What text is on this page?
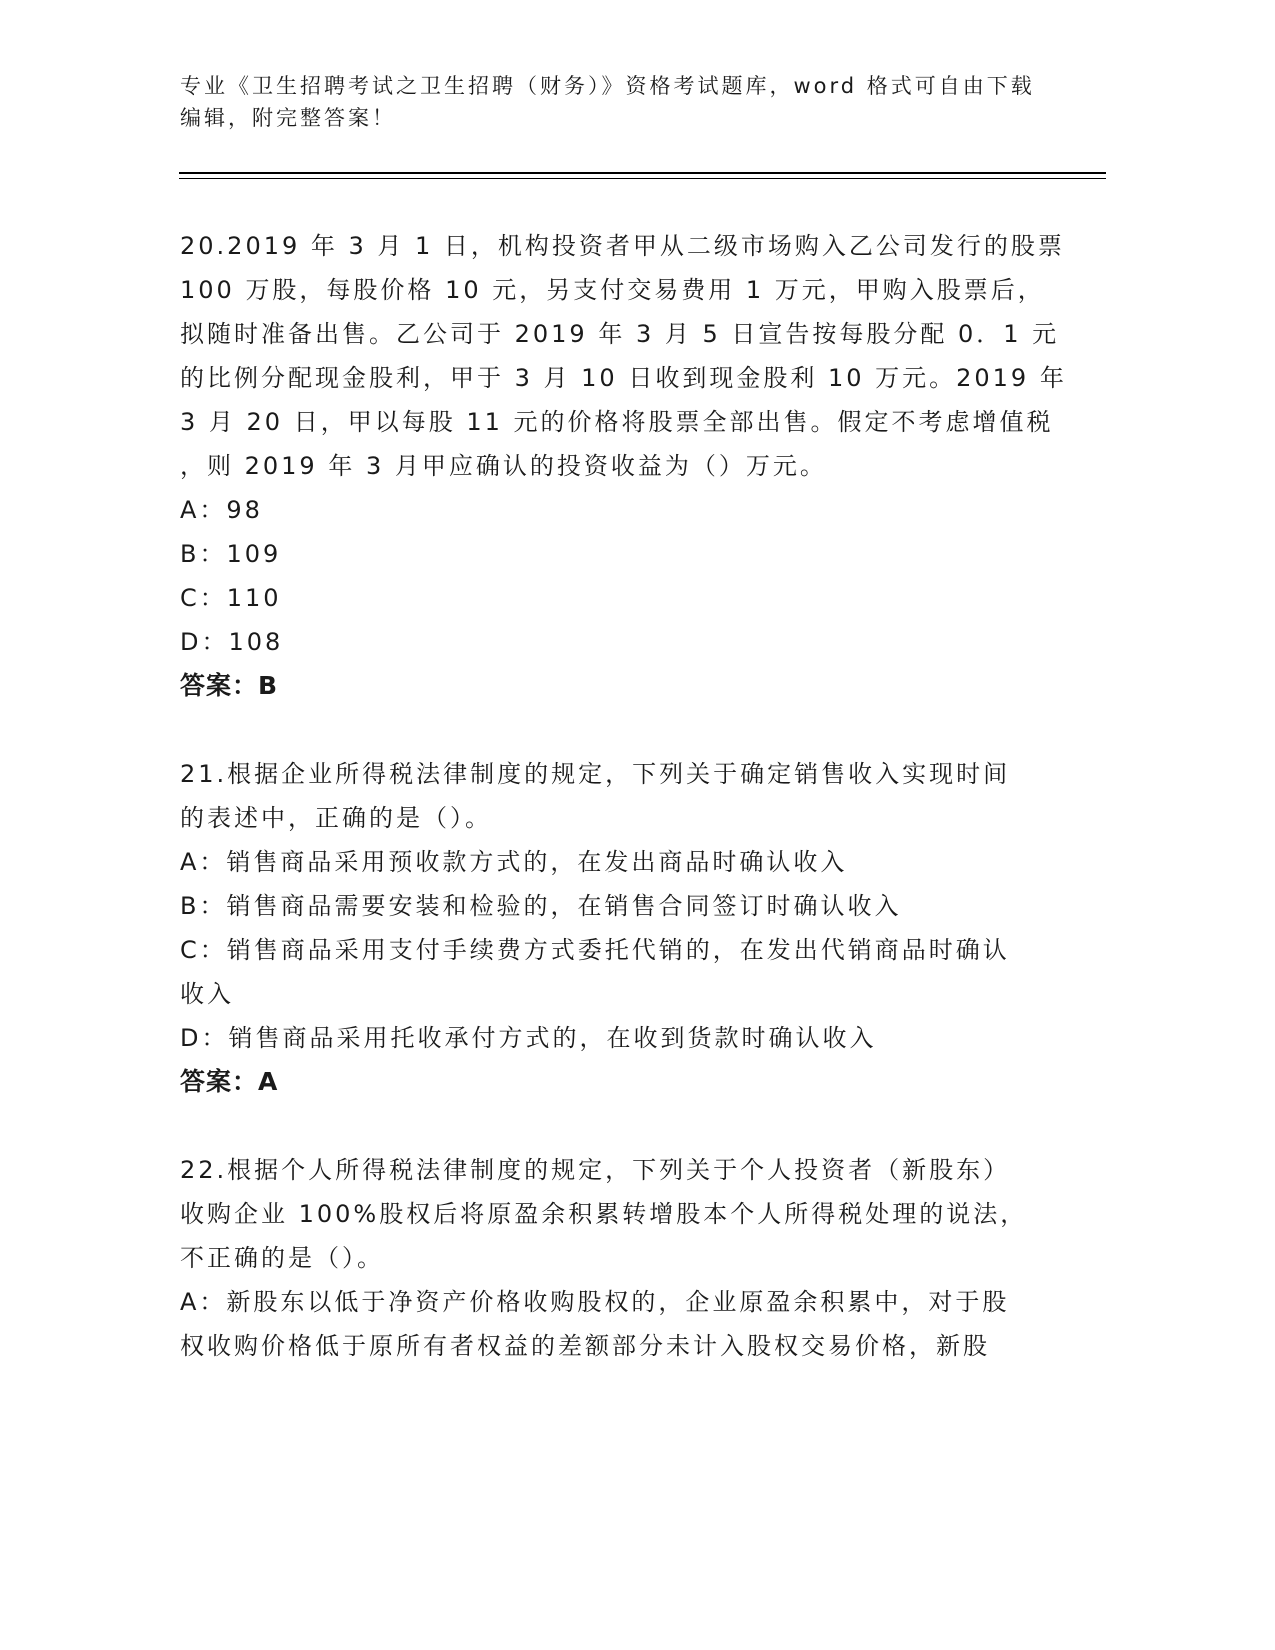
专业《卫生招聘考试之卫生招聘（财务）》资格考试题库，word 格式可自由下载
编辑，附完整答案！
20.2019 年 3 月 1 日，机构投资者甲从二级市场购入乙公司发行的股票
100 万股，每股价格 10 元，另支付交易费用 1 万元，甲购入股票后，
拟随时准备出售。乙公司于 2019 年 3 月 5 日宣告按每股分配 0．1 元
的比例分配现金股利，甲于 3 月 10 日收到现金股利 10 万元。2019 年
3 月 20 日，甲以每股 11 元的价格将股票全部出售。假定不考虑增值税
，则 2019 年 3 月甲应确认的投资收益为（）万元。
A：98
B：109
C：110
D：108
答案：B
21.根据企业所得税法律制度的规定，下列关于确定销售收入实现时间
的表述中，正确的是（）。
A：销售商品采用预收款方式的，在发出商品时确认收入
B：销售商品需要安装和检验的，在销售合同签订时确认收入
C：销售商品采用支付手续费方式委托代销的，在发出代销商品时确认
收入
D：销售商品采用托收承付方式的，在收到货款时确认收入
答案：A
22.根据个人所得税法律制度的规定，下列关于个人投资者（新股东）
收购企业 100%股权后将原盈余积累转增股本个人所得税处理的说法，
不正确的是（）。
A：新股东以低于净资产价格收购股权的，企业原盈余积累中，对于股
权收购价格低于原所有者权益的差额部分未计入股权交易价格，新股
